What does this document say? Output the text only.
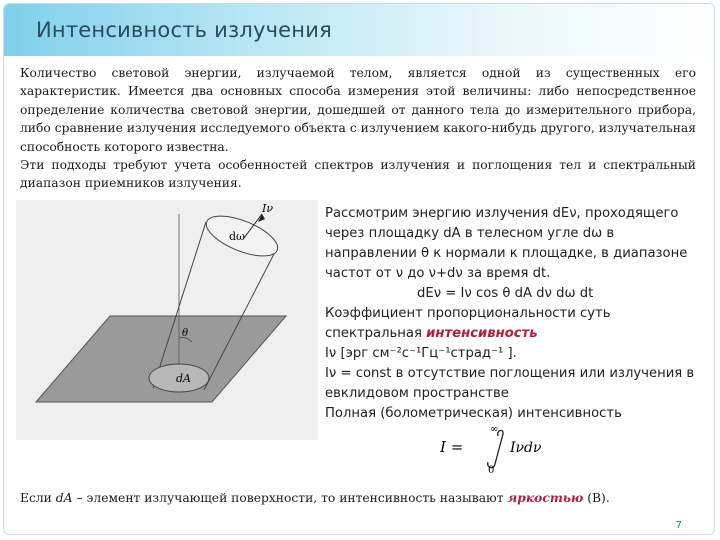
Интенсивность излучения

Количество световой энергии, излучаемой телом, является одной из существенных его характеристик. Имеется два основных способа измерения этой величины: либо непосредственное определение количества световой энергии, дошедшей от данного тела до измерительного прибора, либо сравнение излучения исследуемого объекта с излучением какого-нибудь другого, излучательная способность которого известна.

Эти подходы требуют учета особенностей спектров излучения и поглощения тел и спектральный диапазон приемников излучения.

Iν
dω
θ
dA
Рассмотрим энергию излучения dEν, проходящего
через площадку dA в телесном угле dω в
направлении θ к нормали к площадке, в диапазоне
частот от ν до ν+dν за время dt.
dEν = Iν cos θ dA dν dω dt
Коэффициент пропорциональности суть
спектральная интенсивность
Iν [эрг см⁻²с⁻¹Гц⁻¹страд⁻¹ ].
Iν = const в отсутствие поглощения или излучения в
евклидовом пространстве
Полная (болометрическая) интенсивность
I =
∞
0
Iνdν
Если dA – элемент излучающей поверхности, то интенсивность называют яркостью (B).
7
